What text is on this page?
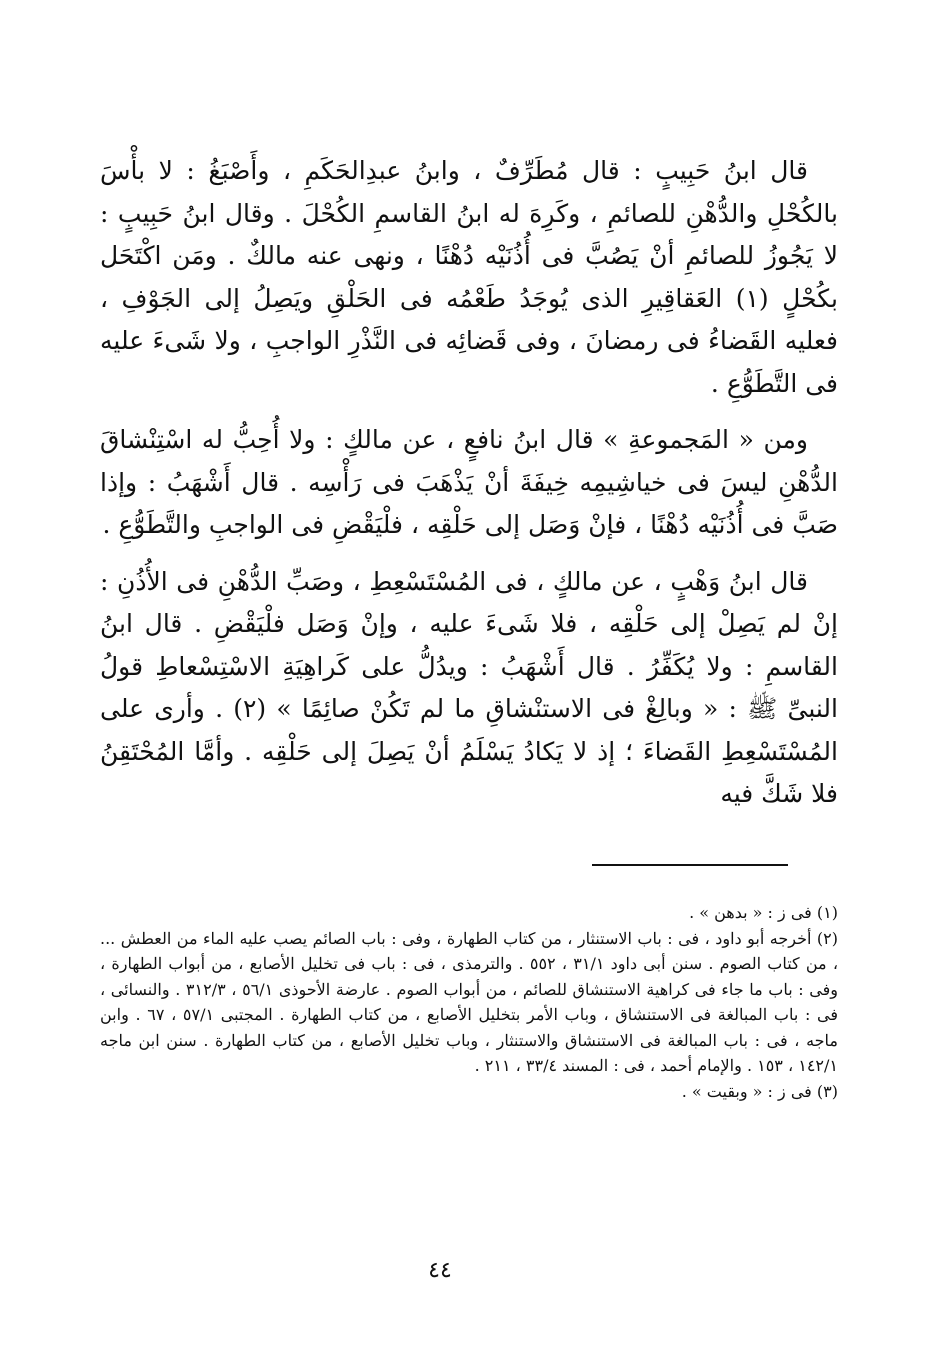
قال ابنُ حَبِيبٍ : قال مُطَرِّفٌ ، وابنُ عبدِالحَكَمِ ، وأَصْبَغُ : لا بأْسَ بالكُحْلِ والدُّهْنِ للصائمِ ، وكَرِهَ له ابنُ القاسمِ الكُحْلَ . وقال ابنُ حَبِيبٍ : لا يَجُوزُ للصائمِ أنْ يَصُبَّ فى أُذُنَيْه دُهْنًا ، ونهى عنه مالكٌ . ومَن اكْتَحَل بكُحْلٍ (١) العَقاقِيرِ الذى يُوجَدُ طَعْمُه فى الحَلْقِ ويَصِلُ إلى الجَوْفِ ، فعليه القَضاءُ فى رمضانَ ، وفى قَضائِه فى النَّذْرِ الواجبِ ، ولا شَىءَ عليه فى التَّطَوُّعِ .

ومن « المَجموعةِ » قال ابنُ نافعٍ ، عن مالكٍ : ولا أُحِبُّ له اسْتِنْشاقَ الدُّهْنِ ليسَ فى خياشِيمِه خِيفَةَ أنْ يَذْهَبَ فى رَأْسِه . قال أَشْهَبُ : وإذا صَبَّ فى أُذُنَيْه دُهْنًا ، فإنْ وَصَل إلى حَلْقِه ، فلْيَقْضِ فى الواجبِ والتَّطَوُّعِ .

قال ابنُ وَهْبٍ ، عن مالكٍ ، فى المُسْتَسْعِطِ ، وصَبِّ الدُّهْنِ فى الأُذُنِ : إنْ لم يَصِلْ إلى حَلْقِه ، فلا شَىءَ عليه ، وإنْ وَصَل فلْيَقْضِ . قال ابنُ القاسمِ : ولا يُكَفِّرُ . قال أَشْهَبُ : ويدُلُّ على كَراهِيَةِ الاسْتِسْعاطِ قولُ النبىِّ ﷺ : « وبالِغْ فى الاستنْشاقِ ما لم تَكُنْ صائِمًا » (٢) . وأرى على المُسْتَسْعِطِ القَضاءَ ؛ إذ لا يَكادُ يَسْلَمُ أنْ يَصِلَ إلى حَلْقِه . وأمَّا المُحْتَقِنُ فلا شَكَّ فيه

(١) فى ز : « بدهن » .

(٢) أخرجه أبو داود ، فى : باب الاستنثار ، من كتاب الطهارة ، وفى : باب الصائم يصب عليه الماء من العطش ... ، من كتاب الصوم . سنن أبى داود ٣١/١ ، ٥٥٢ . والترمذى ، فى : باب فى تخليل الأصابع ، من أبواب الطهارة ، وفى : باب ما جاء فى كراهية الاستنشاق للصائم ، من أبواب الصوم . عارضة الأحوذى ٥٦/١ ، ٣١٢/٣ . والنسائى ، فى : باب المبالغة فى الاستنشاق ، وباب الأمر بتخليل الأصابع ، من كتاب الطهارة . المجتبى ٥٧/١ ، ٦٧ . وابن ماجه ، فى : باب المبالغة فى الاستنشاق والاستنثار ، وباب تخليل الأصابع ، من كتاب الطهارة . سنن ابن ماجه ١٤٢/١ ، ١٥٣ . والإمام أحمد ، فى : المسند ٣٣/٤ ، ٢١١ .

(٣) فى ز : « وبقيت » .

٤٤
